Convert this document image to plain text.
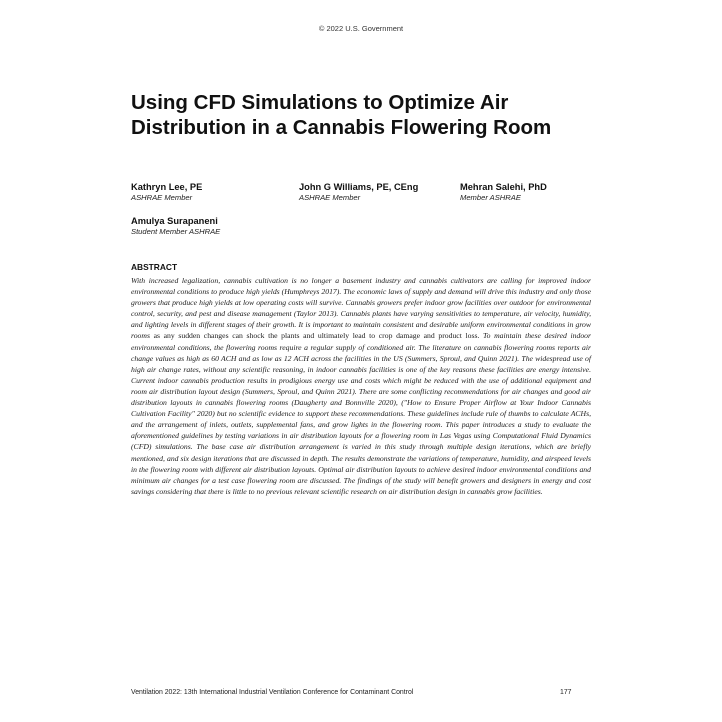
© 2022 U.S. Government
Using CFD Simulations to Optimize Air Distribution in a Cannabis Flowering Room
Kathryn Lee, PE
ASHRAE Member
John G Williams, PE, CEng
ASHRAE Member
Mehran Salehi, PhD
Member ASHRAE
Amulya Surapaneni
Student Member ASHRAE
ABSTRACT

With increased legalization, cannabis cultivation is no longer a basement industry and cannabis cultivators are calling for improved indoor environmental conditions to produce high yields (Humphreys 2017). The economic laws of supply and demand will drive this industry and only those growers that produce high yields at low operating costs will survive. Cannabis growers prefer indoor grow facilities over outdoor for environmental control, security, and pest and disease management (Taylor 2013). Cannabis plants have varying sensitivities to temperature, air velocity, humidity, and lighting levels in different stages of their growth. It is important to maintain consistent and desirable uniform environmental conditions in grow rooms as any sudden changes can shock the plants and ultimately lead to crop damage and product loss. To maintain these desired indoor environmental conditions, the flowering rooms require a regular supply of conditioned air. The literature on cannabis flowering rooms reports air change values as high as 60 ACH and as low as 12 ACH across the facilities in the US (Summers, Sproul, and Quinn 2021). The widespread use of high air change rates, without any scientific reasoning, in indoor cannabis facilities is one of the key reasons these facilities are energy intensive. Current indoor cannabis production results in prodigious energy use and costs which might be reduced with the use of additional equipment and room air distribution layout design (Summers, Sproul, and Quinn 2021). There are some conflicting recommendations for air changes and good air distribution layouts in cannabis flowering rooms (Daugherty and Bonnville 2020), ("How to Ensure Proper Airflow at Your Indoor Cannabis Cultivation Facility" 2020) but no scientific evidence to support these recommendations. These guidelines include rule of thumbs to calculate ACHs, and the arrangement of inlets, outlets, supplemental fans, and grow lights in the flowering room. This paper introduces a study to evaluate the aforementioned guidelines by testing variations in air distribution layouts for a flowering room in Las Vegas using Computational Fluid Dynamics (CFD) simulations. The base case air distribution arrangement is varied in this study through multiple design iterations, which are briefly mentioned, and six design iterations that are discussed in depth. The results demonstrate the variations of temperature, humidity, and airspeed levels in the flowering room with different air distribution layouts. Optimal air distribution layouts to achieve desired indoor environmental conditions and minimum air changes for a test case flowering room are discussed. The findings of the study will benefit growers and designers in energy and cost savings considering that there is little to no previous relevant scientific research on air distribution design in cannabis grow facilities.

Ventilation 2022: 13th International Industrial Ventilation Conference for Contaminant Control	177
